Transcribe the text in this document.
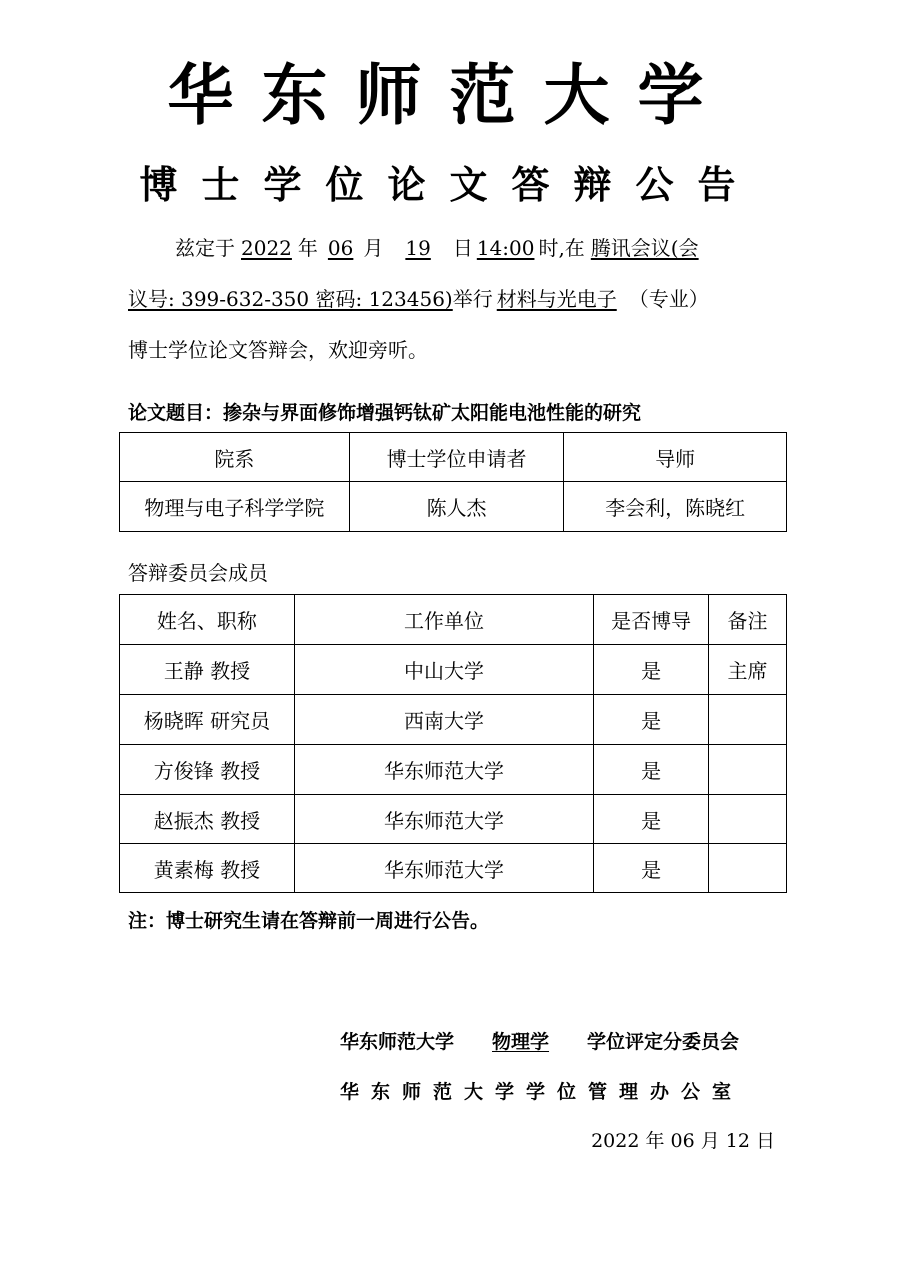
华东师范大学
博士学位论文答辩公告
兹定于 2022 年 06 月 19 日 14:00 时,在 腾讯会议(会
议号: 399-632-350 密码: 123456)举行 材料与光电子 （专业）
博士学位论文答辩会，欢迎旁听。
论文题目：掺杂与界面修饰增强钙钛矿太阳能电池性能的研究
院系	博士学位申请者	导师
物理与电子科学学院	陈人杰	李会利，陈晓红
答辩委员会成员
姓名、职称	工作单位	是否博导	备注
王静 教授	中山大学	是	主席
杨晓晖 研究员	西南大学	是	
方俊锋 教授	华东师范大学	是	
赵振杰 教授	华东师范大学	是	
黄素梅 教授	华东师范大学	是	
注：博士研究生请在答辩前一周进行公告。
华东师范大学 物理学 学位评定分委员会
华东师范大学学位管理办公室
2022 年 06 月 12 日
